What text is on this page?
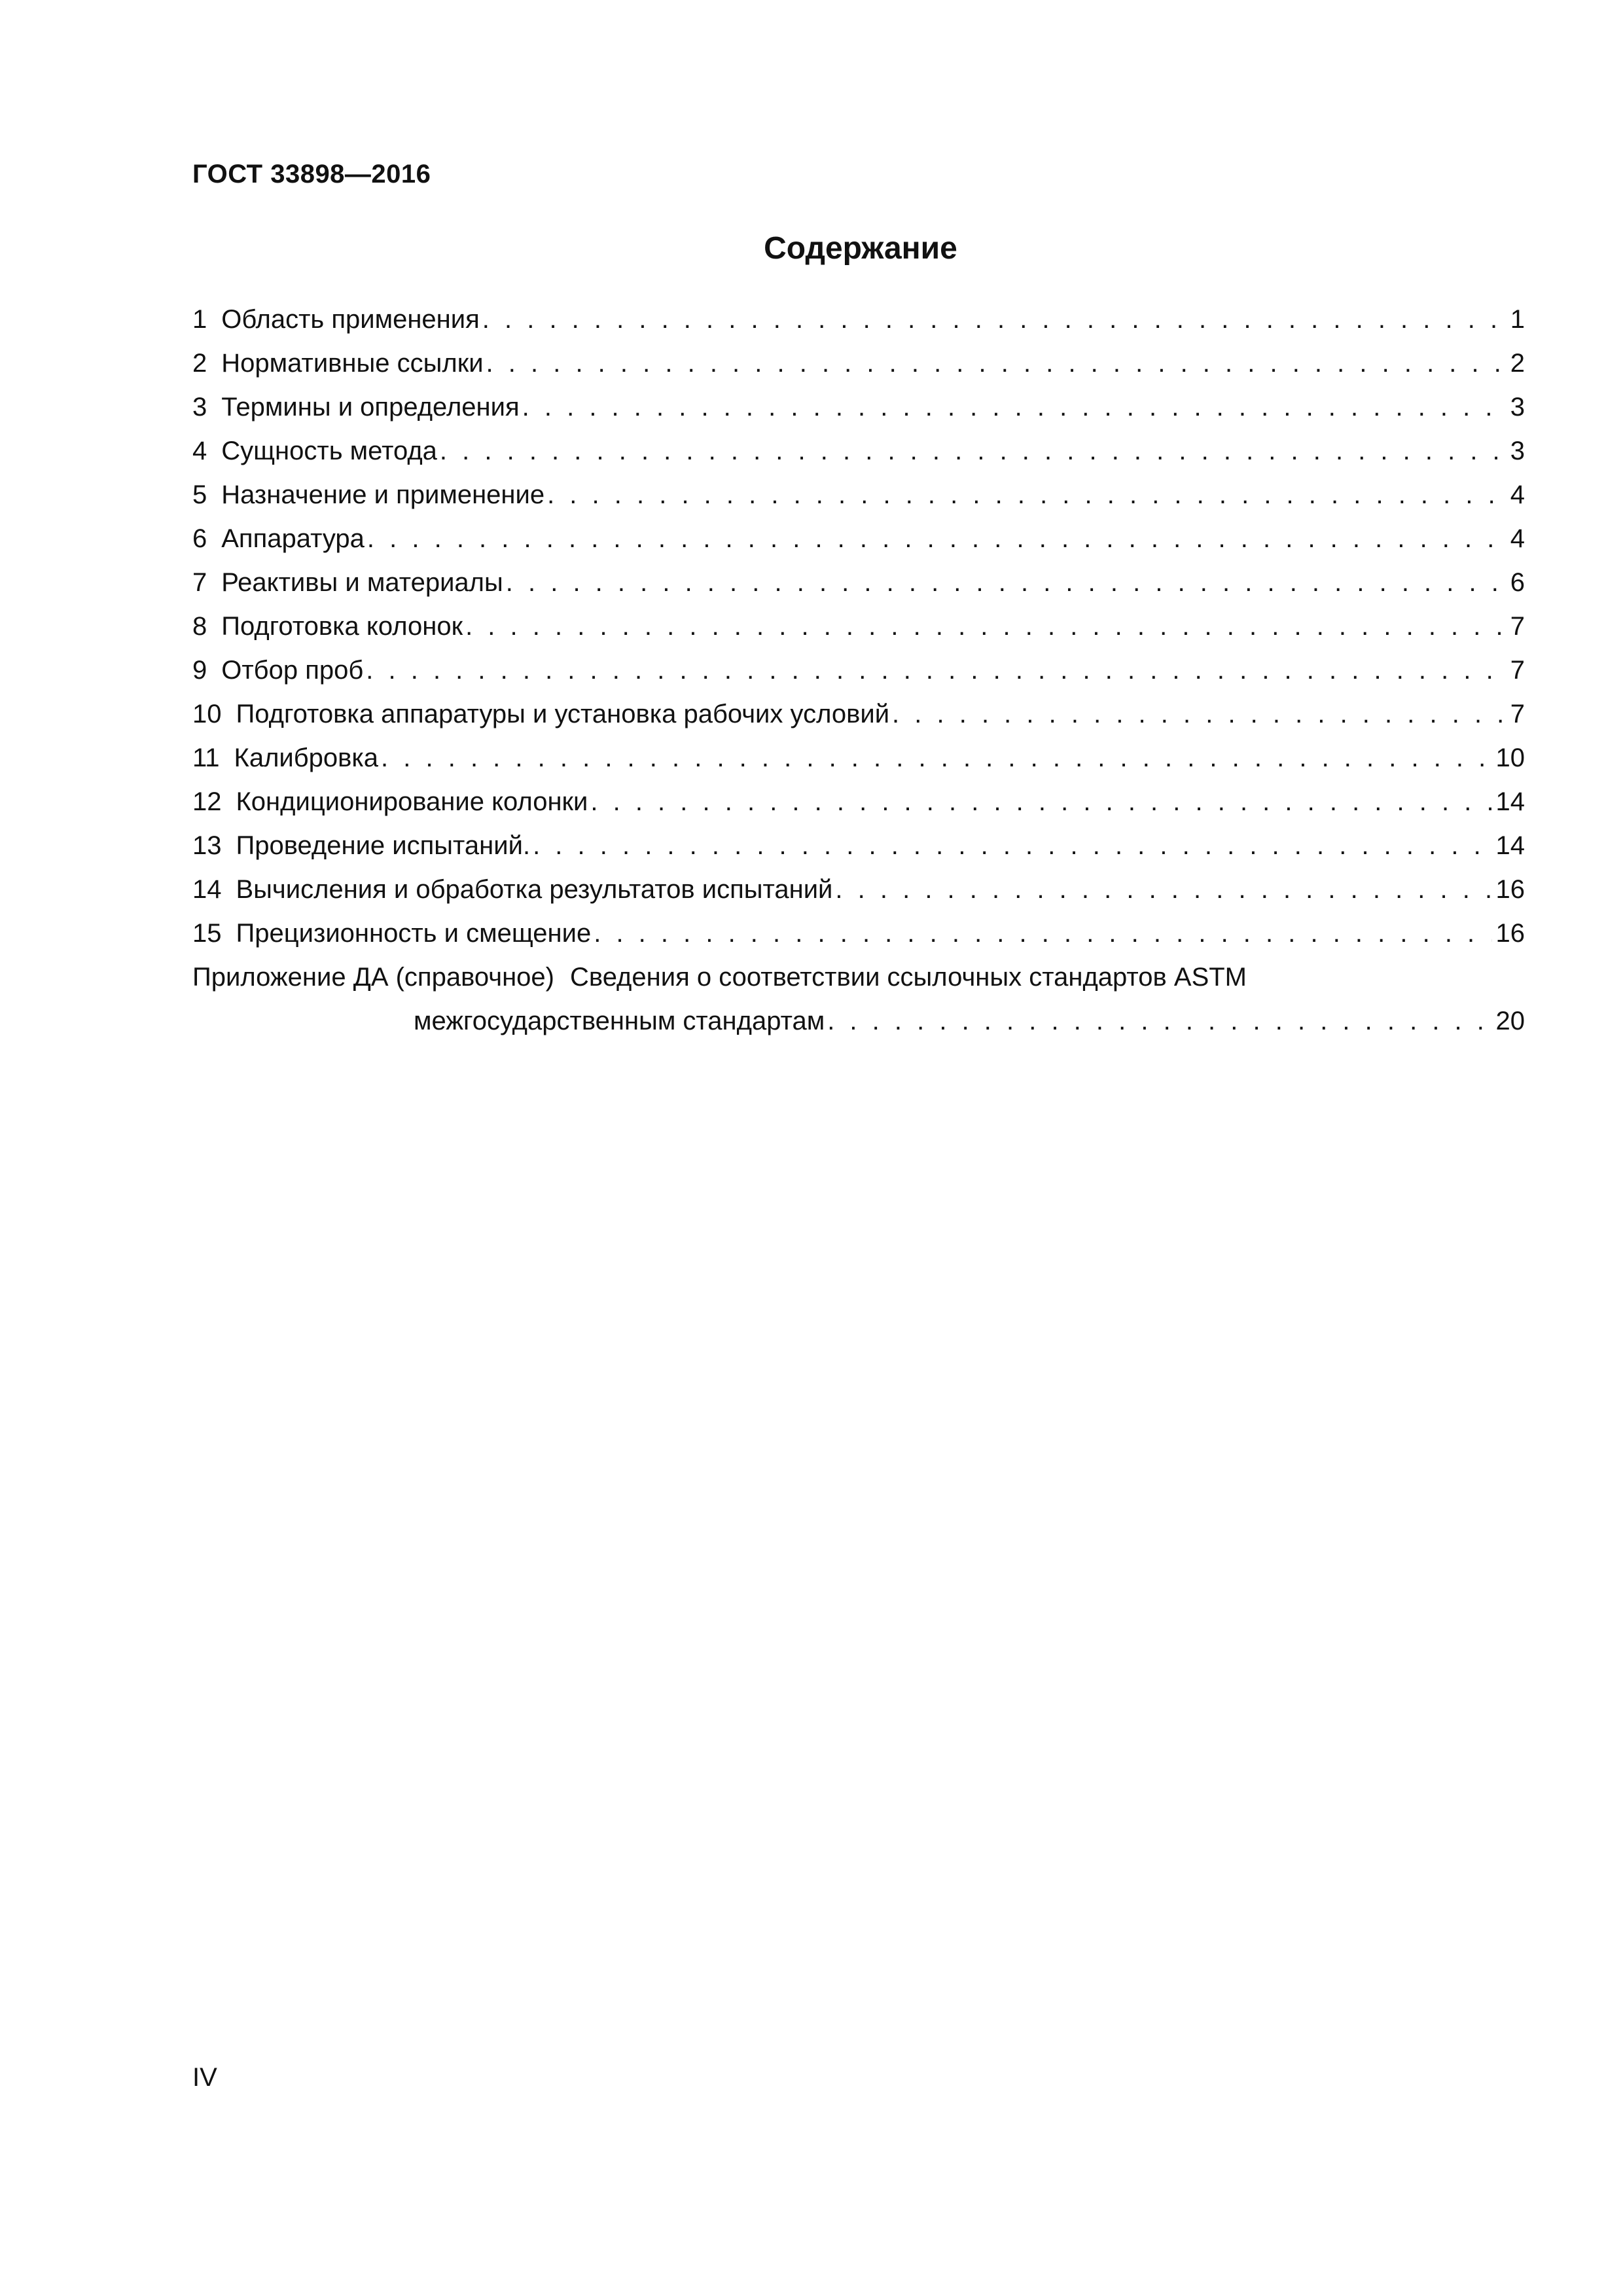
ГОСТ 33898—2016
Содержание
1 Область применения . . .	1
2 Нормативные ссылки . . .	2
3 Термины и определения . . .	3
4 Сущность метода . . .	3
5 Назначение и применение . . .	4
6 Аппаратура . . .	4
7 Реактивы и материалы . . .	6
8 Подготовка колонок . . .	7
9 Отбор проб . . .	7
10 Подготовка аппаратуры и установка рабочих условий . . .	7
11 Калибровка . . .	10
12 Кондиционирование колонки . . .	14
13 Проведение испытаний. . . .	14
14 Вычисления и обработка результатов испытаний . . .	16
15 Прецизионность и смещение . . .	16
Приложение ДА (справочное) Сведения о соответствии ссылочных стандартов ASTM
межгосударственным стандартам . . .	20
IV
